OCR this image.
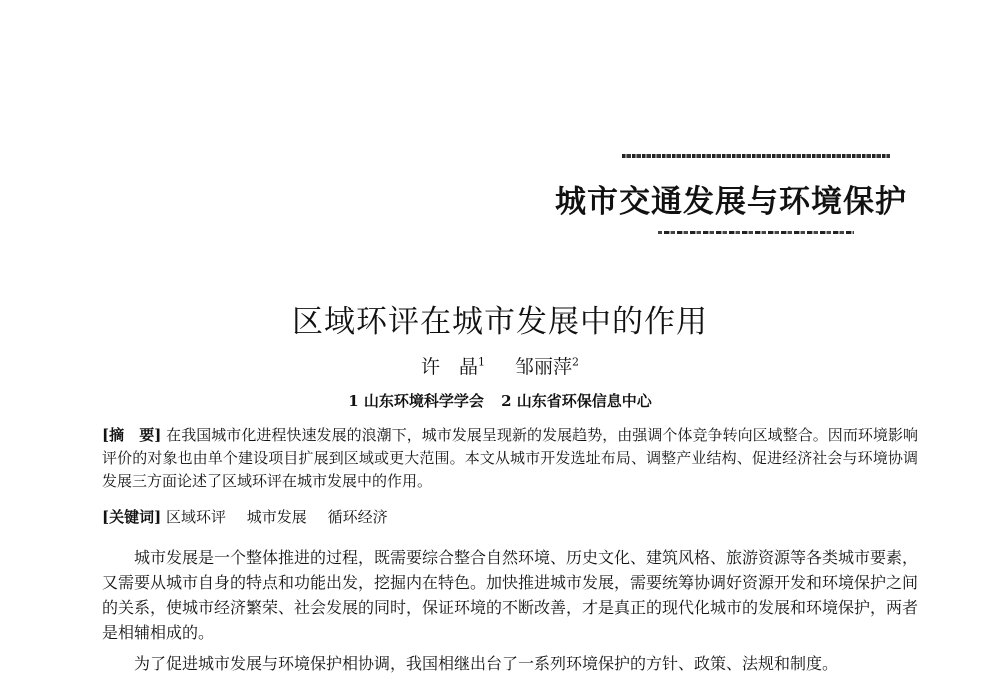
城市交通发展与环境保护
区域环评在城市发展中的作用
许　晶$^1$ 邹丽萍$^2$
1 山东环境科学学会 2 山东省环保信息中心
[摘　要] 在我国城市化进程快速发展的浪潮下，城市发展呈现新的发展趋势，由强调个体竞争转向区域整合。因而环境影响评价的对象也由单个建设项目扩展到区域或更大范围。本文从城市开发选址布局、调整产业结构、促进经济社会与环境协调发展三方面论述了区域环评在城市发展中的作用。
[关键词] 区域环评 城市发展 循环经济

城市发展是一个整体推进的过程，既需要综合整合自然环境、历史文化、建筑风格、旅游资源等各类城市要素，又需要从城市自身的特点和功能出发，挖掘内在特色。加快推进城市发展，需要统筹协调好资源开发和环境保护之间的关系，使城市经济繁荣、社会发展的同时，保证环境的不断改善，才是真正的现代化城市的发展和环境保护，两者是相辅相成的。

为了促进城市发展与环境保护相协调，我国相继出台了一系列环境保护的方针、政策、法规和制度。
